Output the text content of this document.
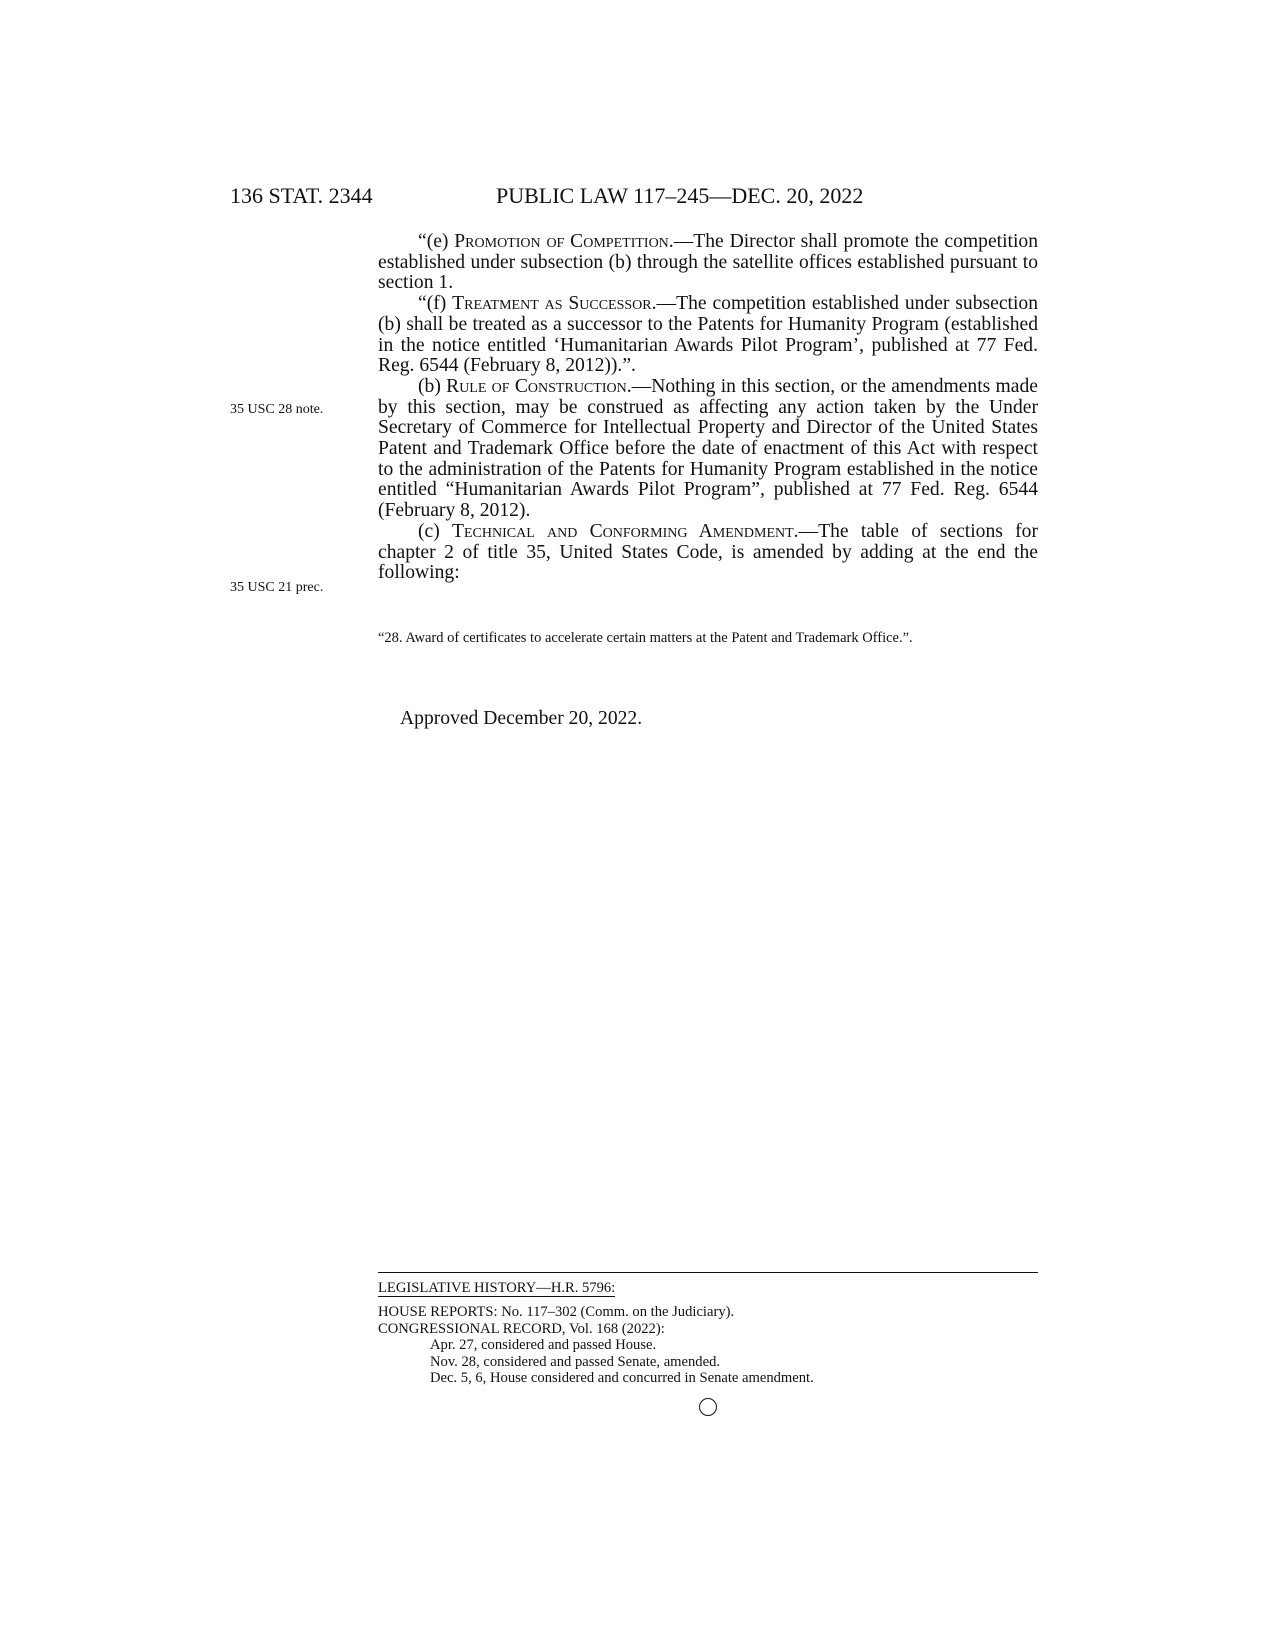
136 STAT. 2344	PUBLIC LAW 117–245—DEC. 20, 2022
35 USC 28 note.
35 USC 21 prec.

“(e) Promotion of Competition.—The Director shall promote the competition established under subsection (b) through the satellite offices established pursuant to section 1.

“(f) Treatment as Successor.—The competition established under subsection (b) shall be treated as a successor to the Patents for Humanity Program (established in the notice entitled ‘Humanitarian Awards Pilot Program’, published at 77 Fed. Reg. 6544 (February 8, 2012)).”.

(b) Rule of Construction.—Nothing in this section, or the amendments made by this section, may be construed as affecting any action taken by the Under Secretary of Commerce for Intellectual Property and Director of the United States Patent and Trademark Office before the date of enactment of this Act with respect to the administration of the Patents for Humanity Program established in the notice entitled “Humanitarian Awards Pilot Program”, published at 77 Fed. Reg. 6544 (February 8, 2012).

(c) Technical and Conforming Amendment.—The table of sections for chapter 2 of title 35, United States Code, is amended by adding at the end the following:

“28. Award of certificates to accelerate certain matters at the Patent and Trademark Office.”.
Approved December 20, 2022.
LEGISLATIVE HISTORY—H.R. 5796:
HOUSE REPORTS: No. 117–302 (Comm. on the Judiciary).
CONGRESSIONAL RECORD, Vol. 168 (2022):
Apr. 27, considered and passed House.
Nov. 28, considered and passed Senate, amended.
Dec. 5, 6, House considered and concurred in Senate amendment.
